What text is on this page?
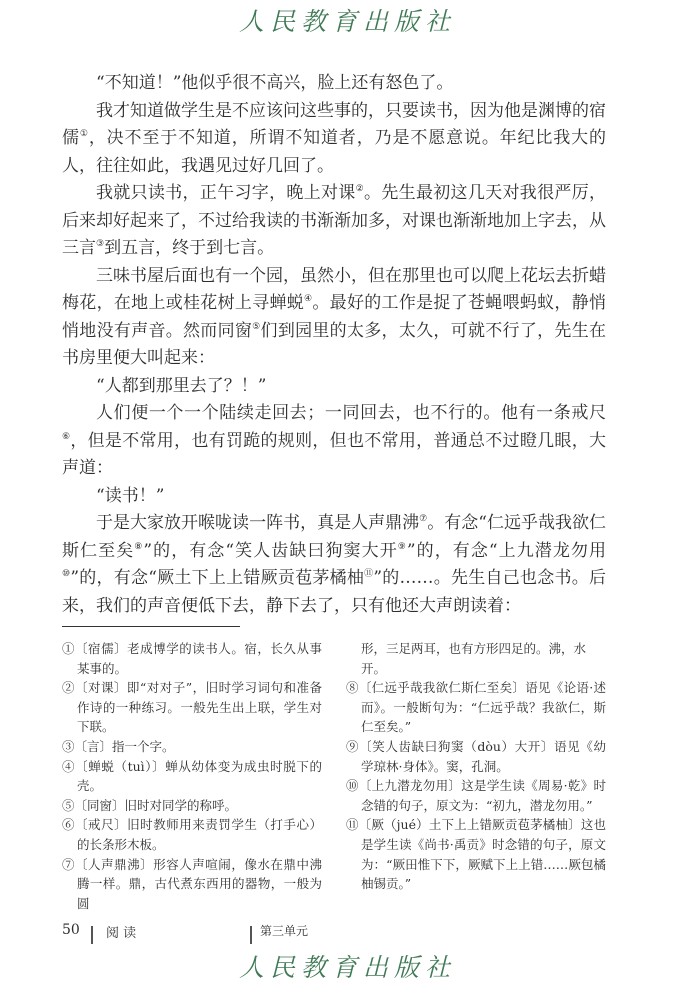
人民教育出版社

“不知道！”他似乎很不高兴，脸上还有怒色了。

我才知道做学生是不应该问这些事的，只要读书，因为他是渊博的宿儒①，决不至于不知道，所谓不知道者，乃是不愿意说。年纪比我大的人，往往如此，我遇见过好几回了。

我就只读书，正午习字，晚上对课②。先生最初这几天对我很严厉，后来却好起来了，不过给我读的书渐渐加多，对课也渐渐地加上字去，从三言③到五言，终于到七言。

三味书屋后面也有一个园，虽然小，但在那里也可以爬上花坛去折蜡梅花，在地上或桂花树上寻蝉蜕④。最好的工作是捉了苍蝇喂蚂蚁，静悄悄地没有声音。然而同窗⑤们到园里的太多，太久，可就不行了，先生在书房里便大叫起来：

“人都到那里去了？！”

人们便一个一个陆续走回去；一同回去，也不行的。他有一条戒尺⑥，但是不常用，也有罚跪的规则，但也不常用，普通总不过瞪几眼，大声道：

“读书！”

于是大家放开喉咙读一阵书，真是人声鼎沸⑦。有念“仁远乎哉我欲仁斯仁至矣⑧”的，有念“笑人齿缺曰狗窦大开⑨”的，有念“上九潜龙勿用⑩”的，有念“厥土下上上错厥贡苞茅橘柚⑪”的……。先生自己也念书。后来，我们的声音便低下去，静下去了，只有他还大声朗读着：

①〔宿儒〕老成博学的读书人。宿，长久从事某事的。

②〔对课〕即“对对子”，旧时学习词句和准备作诗的一种练习。一般先生出上联，学生对下联。

③〔言〕指一个字。

④〔蝉蜕（tuì）〕蝉从幼体变为成虫时脱下的壳。

⑤〔同窗〕旧时对同学的称呼。

⑥〔戒尺〕旧时教师用来责罚学生（打手心）的长条形木板。

⑦〔人声鼎沸〕形容人声喧闹，像水在鼎中沸腾一样。鼎，古代煮东西用的器物，一般为圆

形，三足两耳，也有方形四足的。沸，水开。

⑧〔仁远乎哉我欲仁斯仁至矣〕语见《论语·述而》。一般断句为：“仁远乎哉？我欲仁，斯仁至矣。”

⑨〔笑人齿缺曰狗窦（dòu）大开〕语见《幼学琼林·身体》。窦，孔洞。

⑩〔上九潜龙勿用〕这是学生读《周易·乾》时念错的句子，原文为：“初九，潜龙勿用。”

⑪〔厥（jué）土下上上错厥贡苞茅橘柚〕这也是学生读《尚书·禹贡》时念错的句子，原文为：“厥田惟下下，厥赋下上上错……厥包橘柚锡贡。”

50 阅 读	第三单元
人民教育出版社
